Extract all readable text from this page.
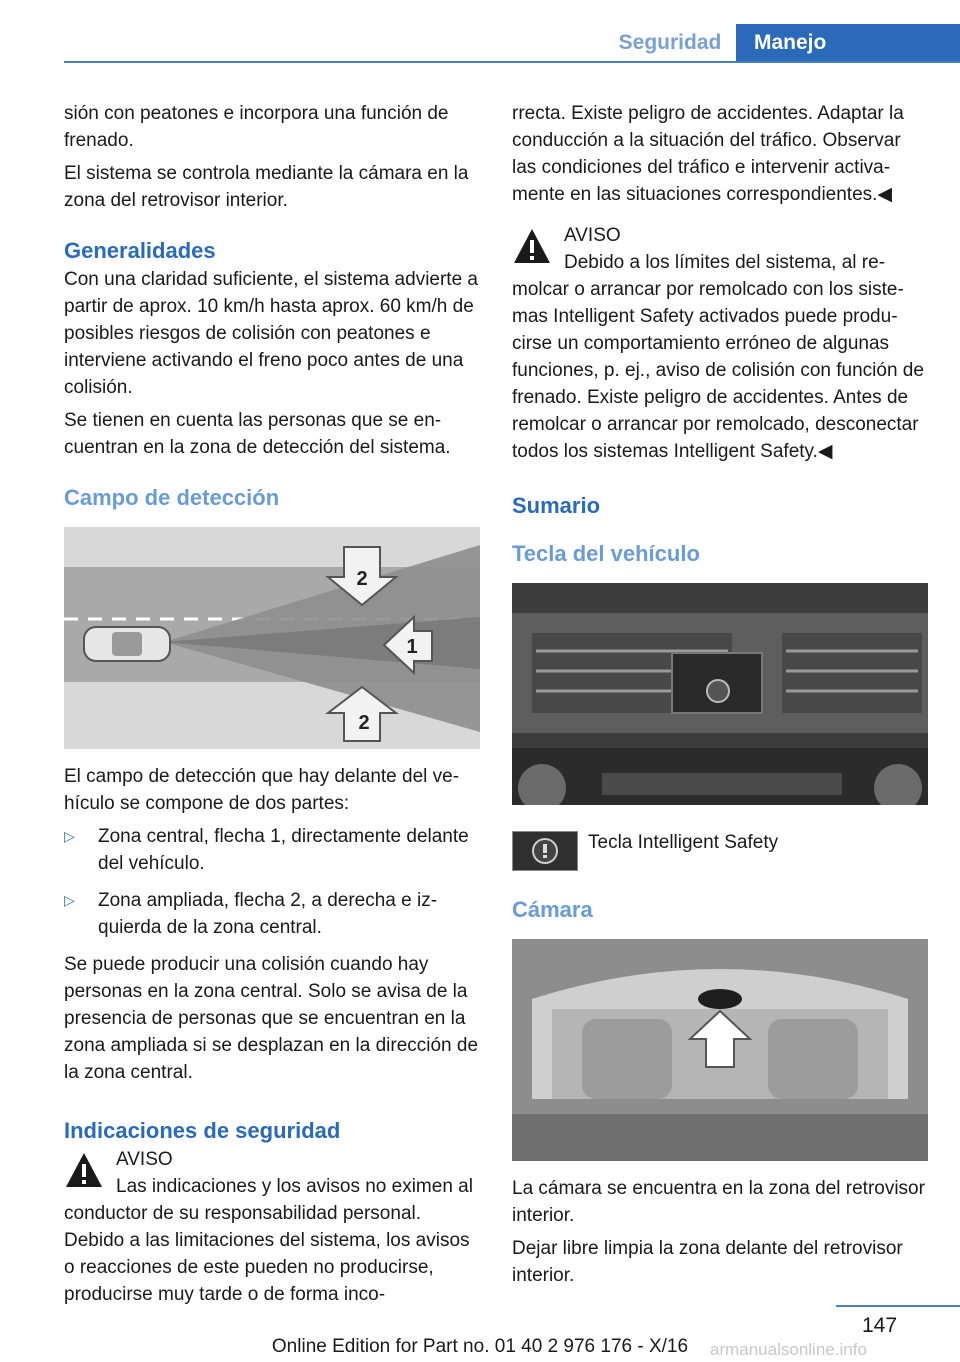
Seguridad	Manejo

sión con peatones e incorpora una función de frenado.

El sistema se controla mediante la cámara en la zona del retrovisor interior.

Generalidades

Con una claridad suficiente, el sistema advierte a partir de aprox. 10 km/h hasta aprox. 60 km/h de posibles riesgos de colisión con peatones e interviene activando el freno poco antes de una colisión.

Se tienen en cuenta las personas que se encuentran en la zona de detección del sistema.

Campo de detección
2
1
2

El campo de detección que hay delante del vehículo se compone de dos partes:

▷ Zona central, flecha 1, directamente delante del vehículo.
▷ Zona ampliada, flecha 2, a derecha e izquierda de la zona central.

Se puede producir una colisión cuando hay personas en la zona central. Solo se avisa de la presencia de personas que se encuentran en la zona ampliada si se desplazan en la dirección de la zona central.

Indicaciones de seguridad
AVISO
Las indicaciones y los avisos no eximen al conductor de su responsabilidad personal. Debido a las limitaciones del sistema, los avisos o reacciones de este pueden no producirse, producirse muy tarde o de forma inco-

rrecta. Existe peligro de accidentes. Adaptar la conducción a la situación del tráfico. Observar las condiciones del tráfico e intervenir activamente en las situaciones correspondientes.◀

AVISO
Debido a los límites del sistema, al remolcar o arrancar por remolcado con los sistemas Intelligent Safety activados puede producirse un comportamiento erróneo de algunas funciones, p. ej., aviso de colisión con función de frenado. Existe peligro de accidentes. Antes de remolcar o arrancar por remolcado, desconectar todos los sistemas Intelligent Safety.◀
Sumario
Tecla del vehículo
Tecla Intelligent Safety
Cámara

La cámara se encuentra en la zona del retrovisor interior.

Dejar libre limpia la zona delante del retrovisor interior.

147
Online Edition for Part no. 01 40 2 976 176 - X/16	armanualsonline.info
